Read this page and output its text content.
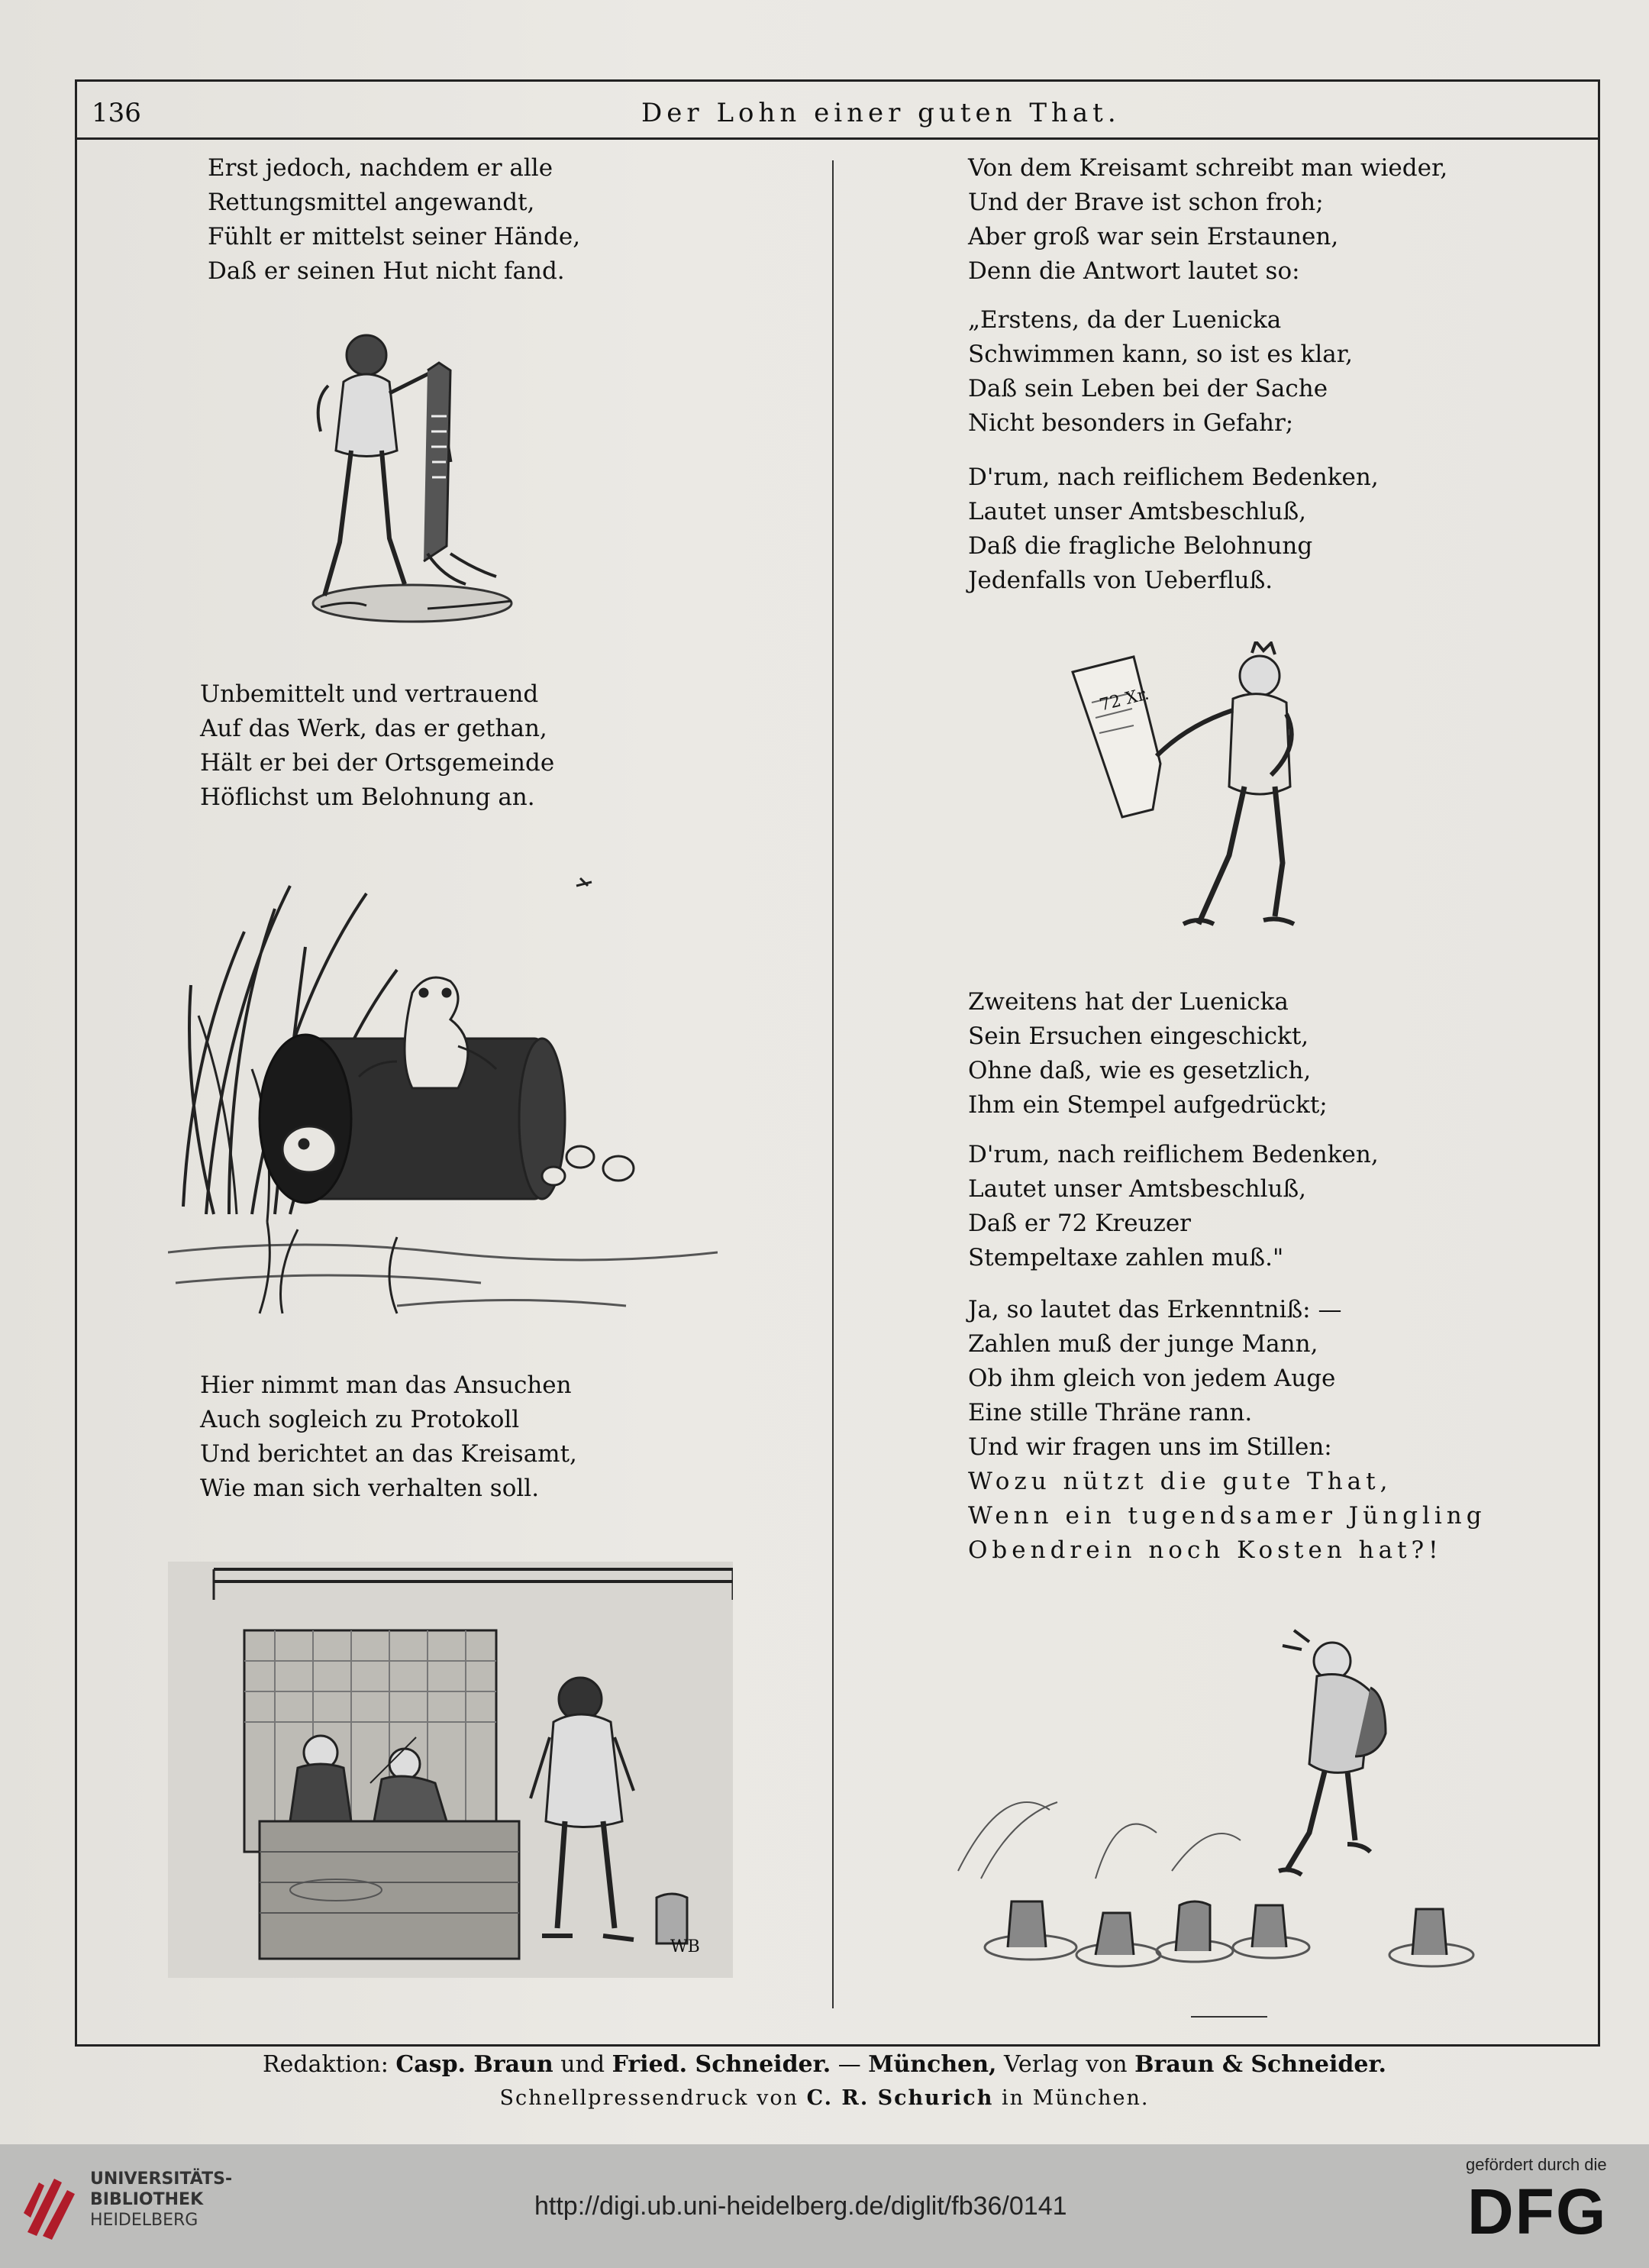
136	Der Lohn einer guten That.
Erst jedoch, nachdem er alle
Rettungsmittel angewandt,
Fühlt er mittelst seiner Hände,
Daß er seinen Hut nicht fand.
Unbemittelt und vertrauend
Auf das Werk, das er gethan,
Hält er bei der Ortsgemeinde
Höflichst um Belohnung an.
Hier nimmt man das Ansuchen
Auch sogleich zu Protokoll
Und berichtet an das Kreisamt,
Wie man sich verhalten soll.
WB
Von dem Kreisamt schreibt man wieder,
Und der Brave ist schon froh;
Aber groß war sein Erstaunen,
Denn die Antwort lautet so:
„Erstens, da der Luenicka
Schwimmen kann, so ist es klar,
Daß sein Leben bei der Sache
Nicht besonders in Gefahr;
D'rum, nach reiflichem Bedenken,
Lautet unser Amtsbeschluß,
Daß die fragliche Belohnung
Jedenfalls von Ueberfluß.
72 Xr.
Zweitens hat der Luenicka
Sein Ersuchen eingeschickt,
Ohne daß, wie es gesetzlich,
Ihm ein Stempel aufgedrückt;
D'rum, nach reiflichem Bedenken,
Lautet unser Amtsbeschluß,
Daß er 72 Kreuzer
Stempeltaxe zahlen muß."
Ja, so lautet das Erkenntniß: —
Zahlen muß der junge Mann,
Ob ihm gleich von jedem Auge
Eine stille Thräne rann.
Und wir fragen uns im Stillen:
Wozu nützt die gute That,
Wenn ein tugendsamer Jüngling
Obendrein noch Kosten hat?!
Redaktion: Casp. Braun und Fried. Schneider. — München, Verlag von Braun & Schneider.
Schnellpressendruck von C. R. Schurich in München.
UNIVERSITÄTS-
BIBLIOTHEK
HEIDELBERG	http://digi.ub.uni-heidelberg.de/diglit/fb36/0141
gefördert durch die
DFG
